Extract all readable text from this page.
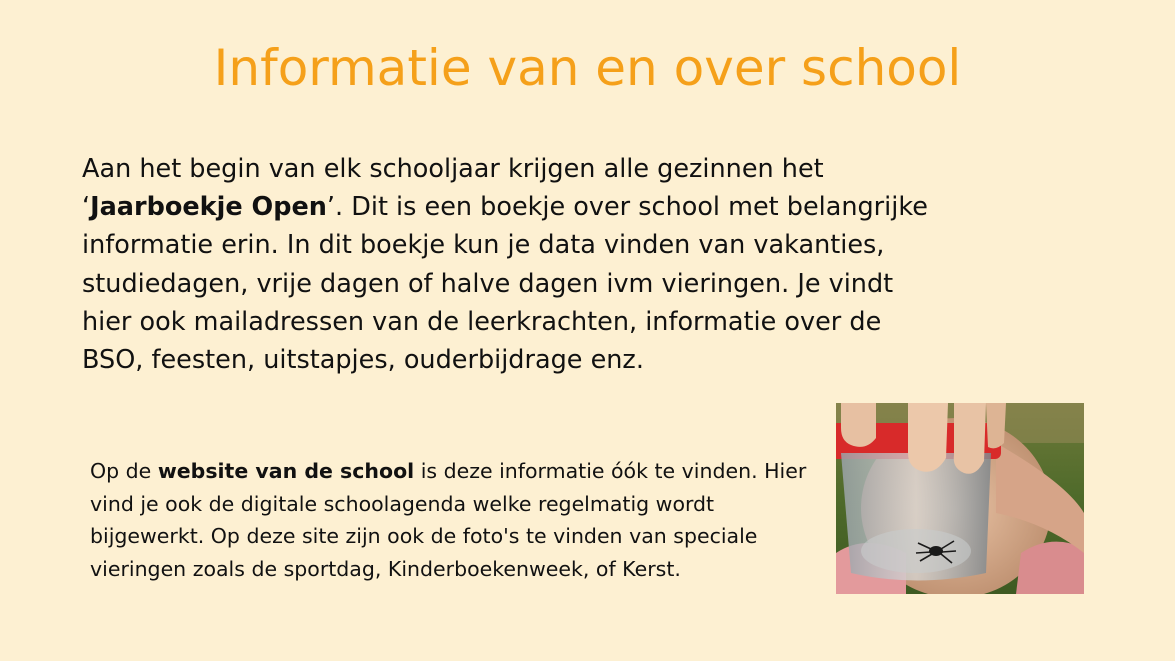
Informatie van en over school

Aan het begin van elk schooljaar krijgen alle gezinnen het ‘Jaarboekje Open’. Dit is een boekje over school met belangrijke informatie erin. In dit boekje kun je data vinden van vakanties, studiedagen, vrije dagen of halve dagen ivm vieringen. Je vindt hier ook mailadressen van de leerkrachten, informatie over de BSO, feesten, uitstapjes, ouderbijdrage enz.

Op de website van de school is deze informatie óók te vinden. Hier vind je ook de digitale schoolagenda welke regelmatig wordt bijgewerkt. Op deze site zijn ook de foto's te vinden van speciale vieringen zoals de sportdag, Kinderboekenweek, of Kerst.
